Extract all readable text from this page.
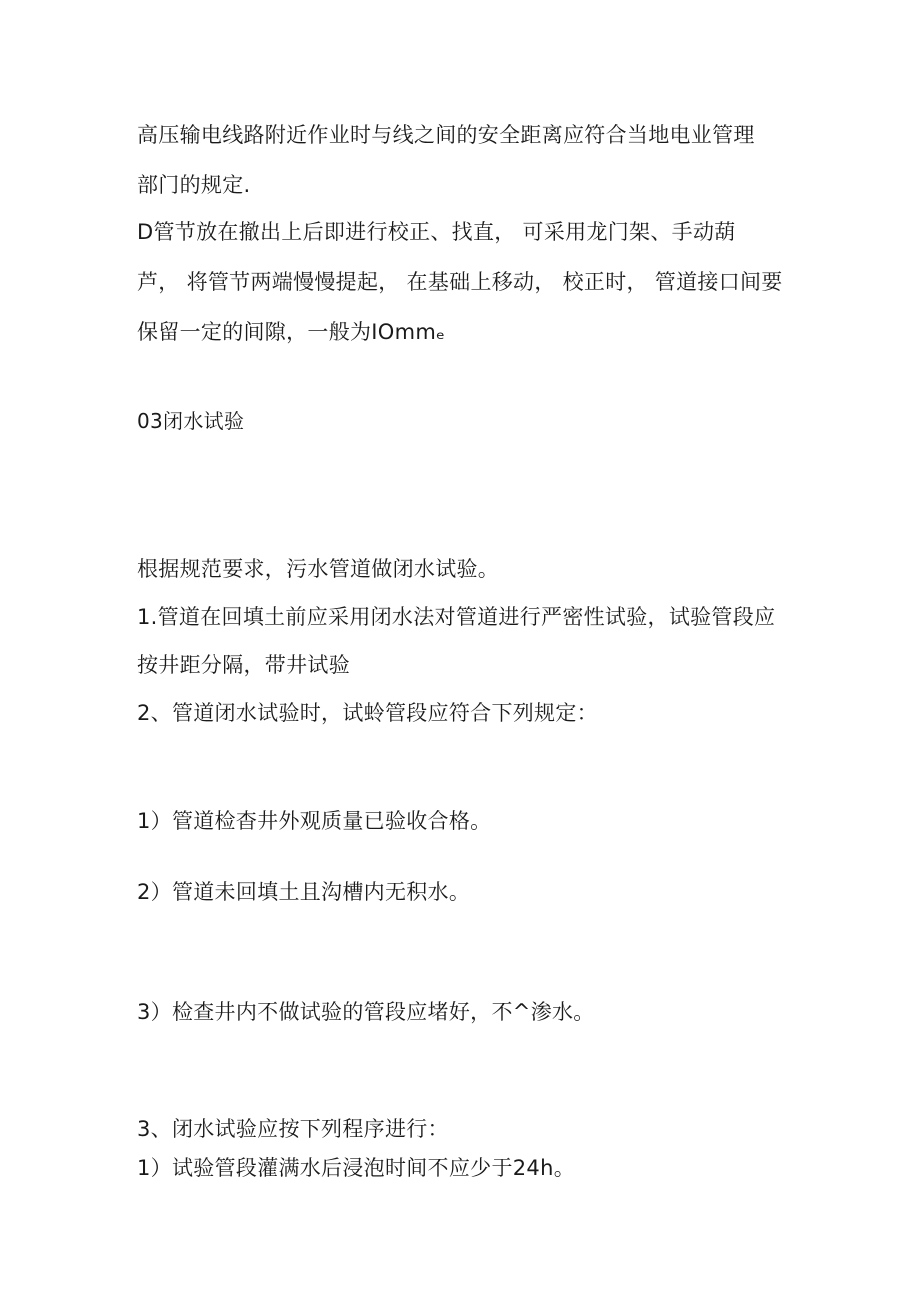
高压输电线路附近作业时与线之间的安全距离应符合当地电业管理
部门的规定.
D管节放在撤出上后即进行校正、找直， 可采用龙门架、手动葫
芦， 将管节两端慢慢提起， 在基础上移动， 校正时， 管道接口间要
保留一定的间隙，一般为IOmmₑ
03闭水试验
根据规范要求，污水管道做闭水试验。
1.管道在回填土前应采用闭水法对管道进行严密性试验，试验管段应
按井距分隔，带井试验
2、管道闭水试验时，试蛉管段应符合下列规定：
1）管道检杳井外观质量已验收合格。
2）管道未回填土且沟槽内无积水。
3）检查井内不做试验的管段应堵好，不^渗水。
3、闭水试验应按下列程序进行：
1）试验管段灌满水后浸泡时间不应少于24h。
